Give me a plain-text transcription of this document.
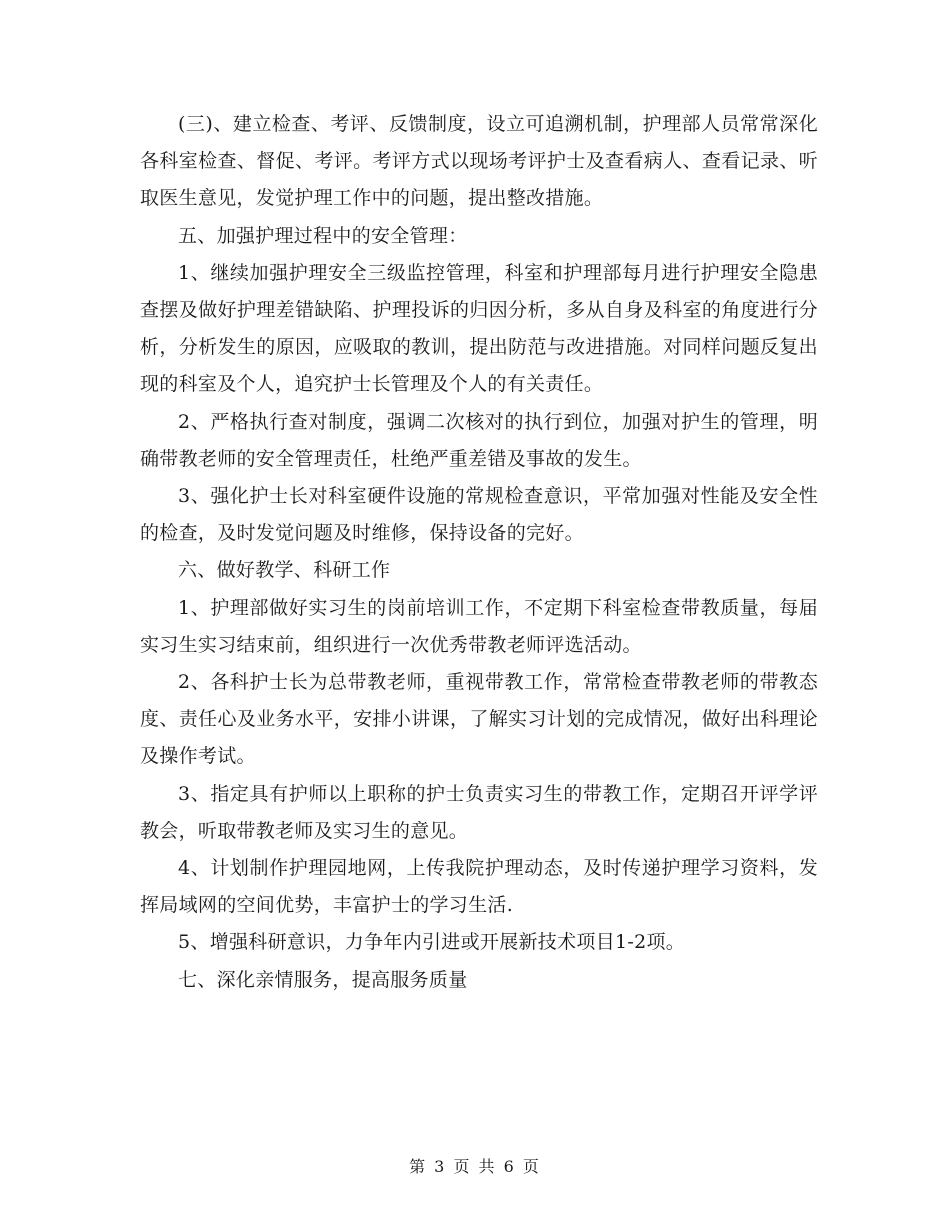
(三)、建立检查、考评、反馈制度，设立可追溯机制，护理部人员常常深化各科室检查、督促、考评。考评方式以现场考评护士及查看病人、查看记录、听取医生意见，发觉护理工作中的问题，提出整改措施。

五、加强护理过程中的安全管理：

1、继续加强护理安全三级监控管理，科室和护理部每月进行护理安全隐患查摆及做好护理差错缺陷、护理投诉的归因分析，多从自身及科室的角度进行分析，分析发生的原因，应吸取的教训，提出防范与改进措施。对同样问题反复出现的科室及个人，追究护士长管理及个人的有关责任。

2、严格执行查对制度，强调二次核对的执行到位，加强对护生的管理，明确带教老师的安全管理责任，杜绝严重差错及事故的发生。

3、强化护士长对科室硬件设施的常规检查意识，平常加强对性能及安全性的检查，及时发觉问题及时维修，保持设备的完好。

六、做好教学、科研工作

1、护理部做好实习生的岗前培训工作，不定期下科室检查带教质量，每届实习生实习结束前，组织进行一次优秀带教老师评选活动。

2、各科护士长为总带教老师，重视带教工作，常常检查带教老师的带教态度、责任心及业务水平，安排小讲课，了解实习计划的完成情况，做好出科理论及操作考试。

3、指定具有护师以上职称的护士负责实习生的带教工作，定期召开评学评教会，听取带教老师及实习生的意见。

4、计划制作护理园地网，上传我院护理动态，及时传递护理学习资料，发挥局域网的空间优势，丰富护士的学习生活.

5、增强科研意识，力争年内引进或开展新技术项目1-2项。

七、深化亲情服务，提高服务质量

第 3 页 共 6 页
